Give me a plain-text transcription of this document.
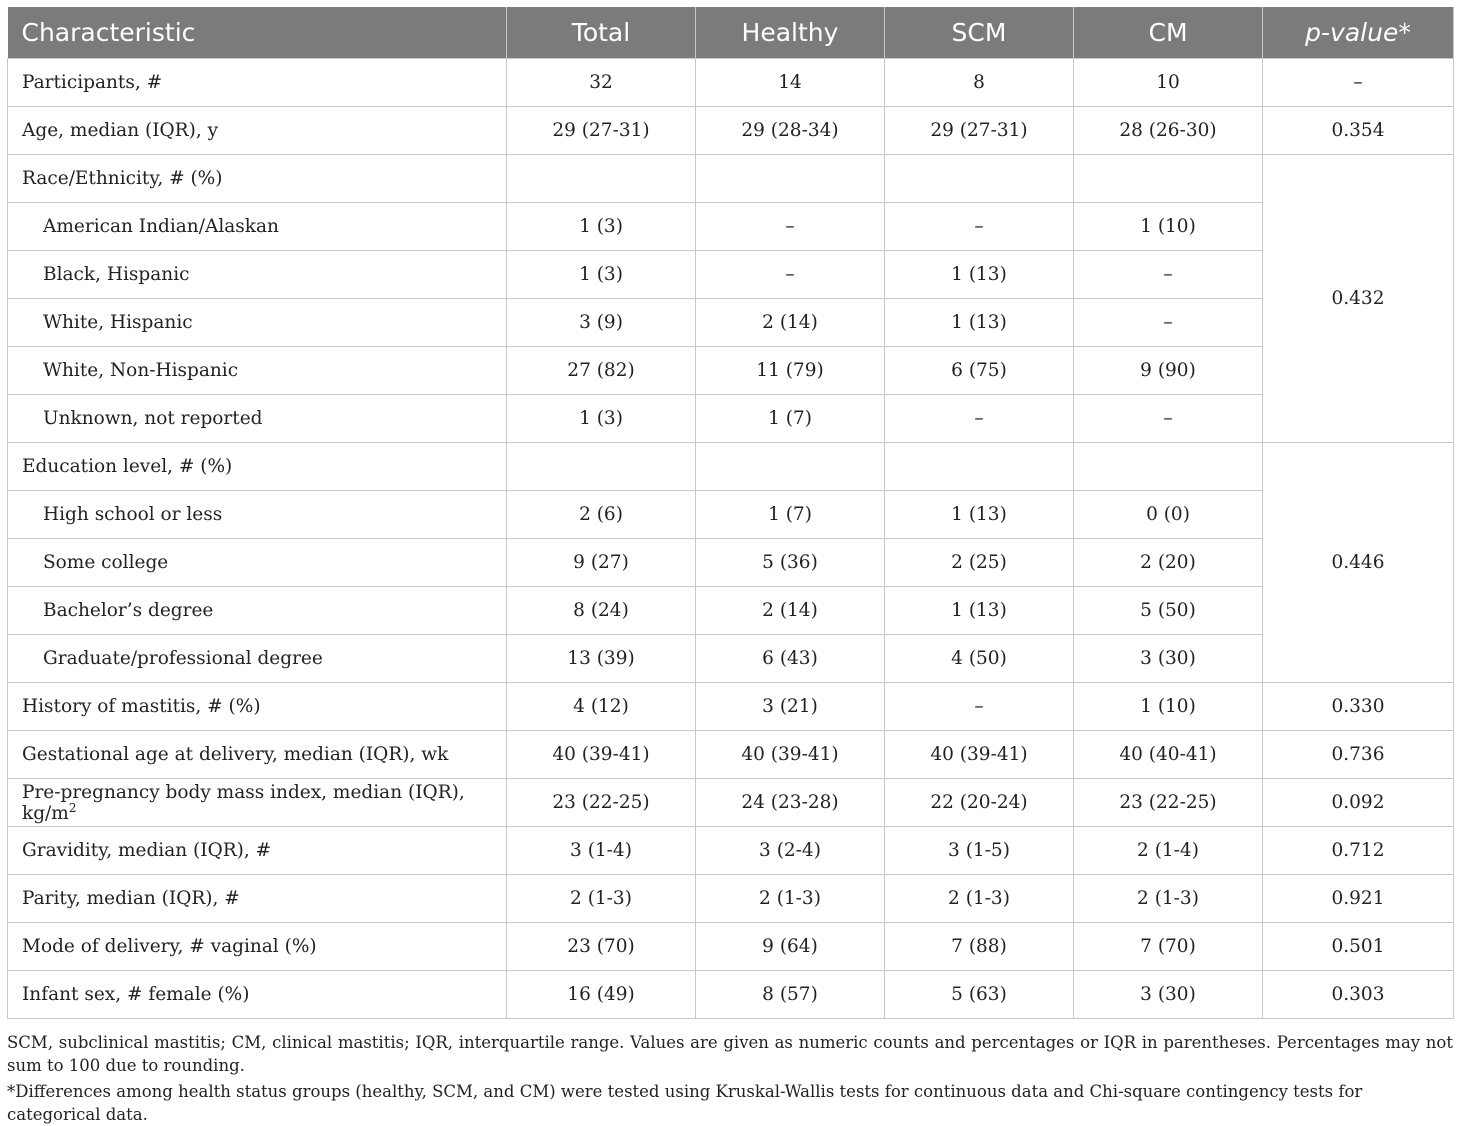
Characteristic	Total	Healthy	SCM	CM	p-value*
Participants, #	32	14	8	10	–
Age, median (IQR), y	29 (27-31)	29 (28-34)	29 (27-31)	28 (26-30)	0.354
Race/Ethnicity, # (%)					0.432
American Indian/Alaskan	1 (3)	–	–	1 (10)	
Black, Hispanic	1 (3)	–	1 (13)	–	
White, Hispanic	3 (9)	2 (14)	1 (13)	–	
White, Non-Hispanic	27 (82)	11 (79)	6 (75)	9 (90)	
Unknown, not reported	1 (3)	1 (7)	–	–	
Education level, # (%)					0.446
High school or less	2 (6)	1 (7)	1 (13)	0 (0)	
Some college	9 (27)	5 (36)	2 (25)	2 (20)	
Bachelor’s degree	8 (24)	2 (14)	1 (13)	5 (50)	
Graduate/professional degree	13 (39)	6 (43)	4 (50)	3 (30)	
History of mastitis, # (%)	4 (12)	3 (21)	–	1 (10)	0.330
Gestational age at delivery, median (IQR), wk	40 (39-41)	40 (39-41)	40 (39-41)	40 (40-41)	0.736
Pre-pregnancy body mass index, median (IQR), $kg/m^2$	23 (22-25)	24 (23-28)	22 (20-24)	23 (22-25)	0.092
Gravidity, median (IQR), #	3 (1-4)	3 (2-4)	3 (1-5)	2 (1-4)	0.712
Parity, median (IQR), #	2 (1-3)	2 (1-3)	2 (1-3)	2 (1-3)	0.921
Mode of delivery, # vaginal (%)	23 (70)	9 (64)	7 (88)	7 (70)	0.501
Infant sex, # female (%)	16 (49)	8 (57)	5 (63)	3 (30)	0.303

SCM, subclinical mastitis; CM, clinical mastitis; IQR, interquartile range. Values are given as numeric counts and percentages or IQR in parentheses. Percentages may not sum to 100 due to rounding.

*Differences among health status groups (healthy, SCM, and CM) were tested using Kruskal-Wallis tests for continuous data and Chi-square contingency tests for categorical data.
